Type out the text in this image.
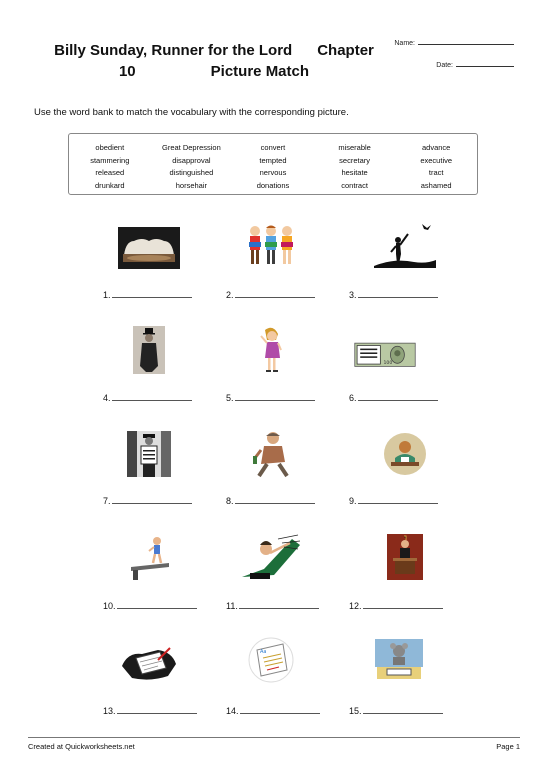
Billy Sunday, Runner for the Lord      Chapter
10                  Picture Match
Name:
Date:
Use the word bank to match the vocabulary with the corresponding picture.
obedient	Great Depression	convert	miserable	advance
stammering	disapproval	tempted	secretary	executive
released	distinguished	nervous	hesitate	tract
drunkard	horsehair	donations	contract	ashamed
1.	2.	3.
100
4.	5.	6.
7.	8.	9.
10.	11.	12.
Aa
13.	14.	15.
Created at Quickworksheets.net	Page 1
